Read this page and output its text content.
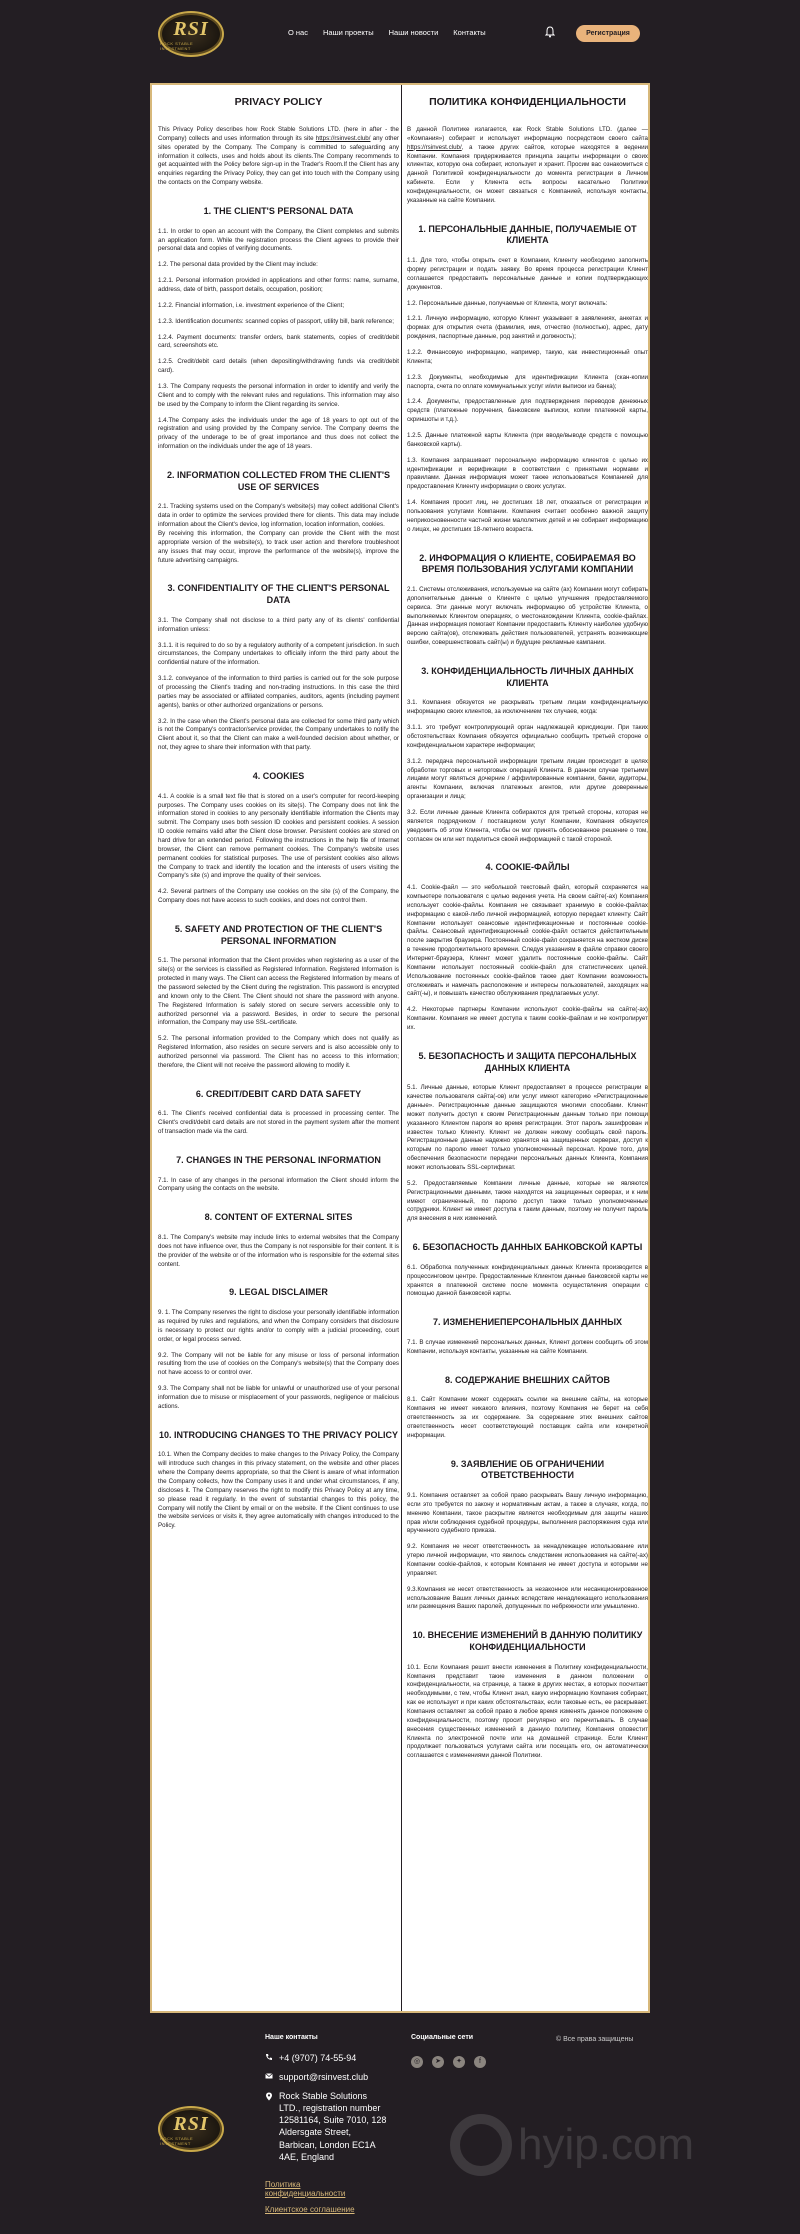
RSI
ROCK STABLE INVESTMENT
О нас Наши проекты Наши новости Контакты	Регистрация
PRIVACY POLICY

This Privacy Policy describes how Rock Stable Solutions LTD. (here in after - the Company) collects and uses information through its site https://rsinvest.club/ any other sites operated by the Company. The Company is committed to safeguarding any information it collects, uses and holds about its clients.The Company recommends to get acquainted with the Policy before sign-up in the Trader's Room.If the Client has any enquiries regarding the Privacy Policy, they can get into touch with the Company using the contacts on the Company website.

1. THE CLIENT'S PERSONAL DATA

1.1. In order to open an account with the Company, the Client completes and submits an application form. While the registration process the Client agrees to provide their personal data and copies of verifying documents.

1.2. The personal data provided by the Client may include:

1.2.1. Personal information provided in applications and other forms: name, surname, address, date of birth, passport details, occupation, position;

1.2.2. Financial information, i.e. investment experience of the Client;

1.2.3. Identification documents: scanned copies of passport, utility bill, bank reference;

1.2.4. Payment documents: transfer orders, bank statements, copies of credit/debit card, screenshots etc.

1.2.5. Credit/debit card details (when depositing/withdrawing funds via credit/debit card).

1.3. The Company requests the personal information in order to identify and verify the Client and to comply with the relevant rules and regulations. This information may also be used by the Company to inform the Client regarding its service.

1.4.The Company asks the individuals under the age of 18 years to opt out of the registration and using provided by the Company service. The Company deems the privacy of the underage to be of great importance and thus does not collect the information on the individuals under the age of 18 years.

2. INFORMATION COLLECTED FROM THE CLIENT'S USE OF SERVICES

2.1. Tracking systems used on the Company's website(s) may collect additional Client's data in order to optimize the services provided there for clients. This data may include information about the Client's device, log information, location information, cookies.
By receiving this information, the Company can provide the Client with the most appropriate version of the website(s), to track user action and therefore troubleshoot any issues that may occur, improve the performance of the website(s), improve the future advertising campaigns.

3. CONFIDENTIALITY OF THE CLIENT'S PERSONAL DATA

3.1. The Company shall not disclose to a third party any of its clients' confidential information unless:

3.1.1. it is required to do so by a regulatory authority of a competent jurisdiction. In such circumstances, the Company undertakes to officially inform the third party about the confidential nature of the information.

3.1.2. conveyance of the information to third parties is carried out for the sole purpose of processing the Client's trading and non-trading instructions. In this case the third parties may be associated or affiliated companies, auditors, agents (including payment agents), banks or other authorized organizations or persons.

3.2. In the case when the Client's personal data are collected for some third party which is not the Company's contractor/service provider, the Company undertakes to notify the Client about it, so that the Client can make a well-founded decision about whether, or not, they agree to share their information with that party.

4. COOKIES

4.1. A cookie is a small text file that is stored on a user's computer for record-keeping purposes. The Company uses cookies on its site(s). The Company does not link the information stored in cookies to any personally identifiable information the Clients may submit. The Company uses both session ID cookies and persistent cookies. A session ID cookie remains valid after the Client close browser. Persistent cookies are stored on hard drive for an extended period. Following the instructions in the help file of Internet browser, the Client can remove permanent cookies. The Company's website uses permanent cookies for statistical purposes. The use of persistent cookies also allows the Company to track and identify the location and the interests of users visiting the Company's site (s) and improve the quality of their services.

4.2. Several partners of the Company use cookies on the site (s) of the Company, the Company does not have access to such cookies, and does not control them.

5. SAFETY AND PROTECTION OF THE CLIENT'S PERSONAL INFORMATION

5.1. The personal information that the Client provides when registering as a user of the site(s) or the services is classified as Registered Information. Registered Information is protected in many ways. The Client can access the Registered Information by means of the password selected by the Client during the registration. This password is encrypted and known only to the Client. The Client should not share the password with anyone. The Registered Information is safely stored on secure servers accessible only to authorized personnel via a password. Besides, in order to secure the personal information, the Company may use SSL-certificate.

5.2. The personal information provided to the Company which does not qualify as Registered Information, also resides on secure servers and is also accessible only to authorized personnel via password. The Client has no access to this information; therefore, the Client will not receive the password allowing to modify it.

6. CREDIT/DEBIT CARD DATA SAFETY

6.1. The Client's received confidential data is processed in processing center. The Client's credit/debit card details are not stored in the payment system after the moment of transaction made via the card.

7. CHANGES IN THE PERSONAL INFORMATION

7.1. In case of any changes in the personal information the Client should inform the Company using the contacts on the website.

8. CONTENT OF EXTERNAL SITES

8.1. The Company's website may include links to external websites that the Company does not have influence over, thus the Company is not responsible for their content. It is the provider of the website or of the information who is responsible for the external sites content.

9. LEGAL DISCLAIMER

9. 1. The Company reserves the right to disclose your personally identifiable information as required by rules and regulations, and when the Company considers that disclosure is necessary to protect our rights and/or to comply with a judicial proceeding, court order, or legal process served.

9.2. The Company will not be liable for any misuse or loss of personal information resulting from the use of cookies on the Company's website(s) that the Company does not have access to or control over.

9.3. The Company shall not be liable for unlawful or unauthorized use of your personal information due to misuse or misplacement of your passwords, negligence or malicious actions.

10. INTRODUCING CHANGES TO THE PRIVACY POLICY

10.1. When the Company decides to make changes to the Privacy Policy, the Company will introduce such changes in this privacy statement, on the website and other places where the Company deems appropriate, so that the Client is aware of what information the Company collects, how the Company uses it and under what circumstances, if any, discloses it. The Company reserves the right to modify this Privacy Policy at any time, so please read it regularly. In the event of substantial changes to this policy, the Company will notify the Client by email or on the website. If the Client continues to use the website services or visits it, they agree automatically with changes introduced to the Policy.

ПОЛИТИКА КОНФИДЕНЦИАЛЬНОСТИ

В данной Политике излагается, как Rock Stable Solutions LTD. (далее — «Компания») собирает и использует информацию посредством своего сайта https://rsinvest.club/, а также других сайтов, которые находятся в ведении Компании. Компания придерживается принципа защиты информации о своих клиентах, которую она собирает, использует и хранит. Просим вас ознакомиться с данной Политикой конфиденциальности до момента регистрации в Личном кабинете. Если у Клиента есть вопросы касательно Политики конфиденциальности, он может связаться с Компанией, используя контакты, указанные на сайте Компании.

1. ПЕРСОНАЛЬНЫЕ ДАННЫЕ, ПОЛУЧАЕМЫЕ ОТ КЛИЕНТА

1.1. Для того, чтобы открыть счет в Компании, Клиенту необходимо заполнить форму регистрации и подать заявку. Во время процесса регистрации Клиент соглашается предоставить персональные данные и копии подтверждающих документов.

1.2. Персональные данные, получаемые от Клиента, могут включать:

1.2.1. Личную информацию, которую Клиент указывает в заявлениях, анкетах и формах для открытия счета (фамилия, имя, отчество (полностью), адрес, дату рождения, паспортные данные, род занятий и должность);

1.2.2. Финансовую информацию, например, такую, как инвестиционный опыт Клиента;

1.2.3. Документы, необходимые для идентификации Клиента (скан-копии паспорта, счета по оплате коммунальных услуг и/или выписки из банка);

1.2.4. Документы, предоставленные для подтверждения переводов денежных средств (платежные поручения, банковские выписки, копии платежной карты, скриншоты и т.д.).

1.2.5. Данные платежной карты Клиента (при вводе/выводе средств с помощью банковской карты).

1.3. Компания запрашивает персональную информацию клиентов с целью их идентификации и верификации в соответствии с принятыми нормами и правилами. Данная информация может также использоваться Компанией для предоставления Клиенту информации о своих услугах.

1.4. Компания просит лиц, не достигших 18 лет, отказаться от регистрации и пользования услугами Компании. Компания считает особенно важной защиту неприкосновенности частной жизни малолетних детей и не собирает информацию о лицах, не достигших 18-летнего возраста.

2. ИНФОРМАЦИЯ О КЛИЕНТЕ, СОБИРАЕМАЯ ВО ВРЕМЯ ПОЛЬЗОВАНИЯ УСЛУГАМИ КОМПАНИИ

2.1. Системы отслеживания, используемые на сайте (ах) Компании могут собирать дополнительные данные о Клиенте с целью улучшения предоставляемого сервиса. Эти данные могут включать информацию об устройстве Клиента, о выполняемых Клиентом операциях, о местонахождении Клиента, cookie-файлах. Данная информация помогает Компании предоставить Клиенту наиболее удобную версию сайта(ов), отслеживать действия пользователей, устранять возникающие ошибки, совершенствовать сайт(ы) и будущие рекламные кампании.

3. КОНФИДЕНЦИАЛЬНОСТЬ ЛИЧНЫХ ДАННЫХ КЛИЕНТА

3.1. Компания обязуется не раскрывать третьим лицам конфиденциальную информацию своих клиентов, за исключением тех случаев, когда:

3.1.1. это требует контролирующий орган надлежащей юрисдикции. При таких обстоятельствах Компания обязуется официально сообщить третьей стороне о конфиденциальном характере информации;

3.1.2. передача персональной информации третьим лицам происходит в целях обработки торговых и неторговых операций Клиента. В данном случае третьими лицами могут являться дочерние / аффилированные компании, банки, аудиторы, агенты Компании, включая платежных агентов, или другие доверенные организации и лица;

3.2. Если личные данные Клиента собираются для третьей стороны, которая не является подрядчиком / поставщиком услуг Компании, Компания обязуется уведомить об этом Клиента, чтобы он мог принять обоснованное решение о том, согласен он или нет поделиться своей информацией с такой стороной.

4. COOKIE-ФАЙЛЫ

4.1. Cookie-файл — это небольшой текстовый файл, который сохраняется на компьютере пользователя с целью ведения учета. На своем сайте(-ах) Компания использует cookie-файлы. Компания не связывает хранимую в cookie-файлах информацию с какой-либо личной информацией, которую передает клиенту. Сайт Компании использует сеансовые идентификационные и постоянные cookie-файлы. Сеансовый идентификационный cookie-файл остается действительным после закрытия браузера. Постоянный cookie-файл сохраняется на жестком диске в течение продолжительного времени. Следуя указаниям в файле справки своего Интернет-браузера, Клиент может удалить постоянные cookie-файлы. Сайт Компании использует постоянный cookie-файл для статистических целей. Использование постоянных cookie-файлов также дает Компании возможность отслеживать и намечать расположение и интересы пользователей, заходящих на сайт(-ы), и повышать качество обслуживания предлагаемых услуг.

4.2. Некоторые партнеры Компании используют cookie-файлы на сайте(-ах) Компании. Компания не имеет доступа к таким cookie-файлам и не контролирует их.

5. БЕЗОПАСНОСТЬ И ЗАЩИТА ПЕРСОНАЛЬНЫХ ДАННЫХ КЛИЕНТА

5.1. Личные данные, которые Клиент предоставляет в процессе регистрации в качестве пользователя сайта(-ов) или услуг имеют категорию «Регистрационные данные». Регистрационные данные защищаются многими способами. Клиент может получить доступ к своим Регистрационным данным только при помощи указанного Клиентом пароля во время регистрации. Этот пароль зашифрован и известен только Клиенту. Клиент не должен никому сообщать свой пароль. Регистрационные данные надежно хранятся на защищенных серверах, доступ к которым по паролю имеет только уполномоченный персонал. Кроме того, для обеспечения безопасности передачи персональных данных Клиента, Компания может использовать SSL-сертификат.

5.2. Предоставляемые Компании личные данные, которые не являются Регистрационными данными, также находятся на защищенных серверах, и к ним имеют ограниченный, по паролю доступ также только уполномоченные сотрудники. Клиент не имеет доступа к таким данным, поэтому не получит пароль для внесения в них изменений.

6. БЕЗОПАСНОСТЬ ДАННЫХ БАНКОВСКОЙ КАРТЫ

6.1. Обработка полученных конфиденциальных данных Клиента производится в процессинговом центре. Предоставленные Клиентом данные банковской карты не хранятся в платежной системе после момента осуществления операции с помощью данной банковской карты.

7. ИЗМЕНЕНИЕПЕРСОНАЛЬНЫХ ДАННЫХ

7.1. В случае изменений персональных данных, Клиент должен сообщить об этом Компании, используя контакты, указанные на сайте Компании.

8. СОДЕРЖАНИЕ ВНЕШНИХ САЙТОВ

8.1. Сайт Компании может содержать ссылки на внешние сайты, на которые Компания не имеет никакого влияния, поэтому Компания не берет на себя ответственность за их содержание. За содержание этих внешних сайтов ответственность несет соответствующий поставщик сайта или конкретной информации.

9. ЗАЯВЛЕНИЕ ОБ ОГРАНИЧЕНИИ ОТВЕТСТВЕННОСТИ

9.1. Компания оставляет за собой право раскрывать Вашу личную информацию, если это требуется по закону и нормативным актам, а также в случаях, когда, по мнению Компании, такое раскрытие является необходимым для защиты наших прав и/или соблюдения судебной процедуры, выполнения распоряжения суда или врученного судебного приказа.

9.2. Компания не несет ответственность за ненадлежащее использование или утерю личной информации, что явилось следствием использования на сайте(-ах) Компании cookie-файлов, к которым Компания не имеет доступа и которыми не управляет.

9.3.Компания не несет ответственность за незаконное или несанкционированное использование Ваших личных данных вследствие ненадлежащего использования или размещения Ваших паролей, допущенных по небрежности или умышленно.

10. ВНЕСЕНИЕ ИЗМЕНЕНИЙ В ДАННУЮ ПОЛИТИКУ КОНФИДЕНЦИАЛЬНОСТИ

10.1. Если Компания решит внести изменения в Политику конфиденциальности, Компания представит такие изменения в данном положении о конфиденциальности, на странице, а также в других местах, в которых посчитает необходимыми, с тем, чтобы Клиент знал, какую информацию Компания собирает, как ее использует и при каких обстоятельствах, если таковые есть, ее раскрывает. Компания оставляет за собой право в любое время изменять данное положение о конфиденциальности, поэтому просит регулярно его перечитывать. В случае внесения существенных изменений в данную политику, Компания оповестит Клиента по электронной почте или на домашней странице. Если Клиент продолжает пользоваться услугами сайта или посещать его, он автоматически соглашается с изменениями данной Политики.

Наше контакты
+4 (9707) 74-55-94
support@rsinvest.club
Rock Stable Solutions
LTD., registration number
12581164, Suite 7010, 128
Aldersgate Street,
Barbican, London EC1A
4AE, England
Политика
конфиденциальности
Клиентское соглашение
Социальные сети
◎	➤	✦	f
© Все права защищены
RSI
ROCK STABLE INVESTMENT	hyip.com
